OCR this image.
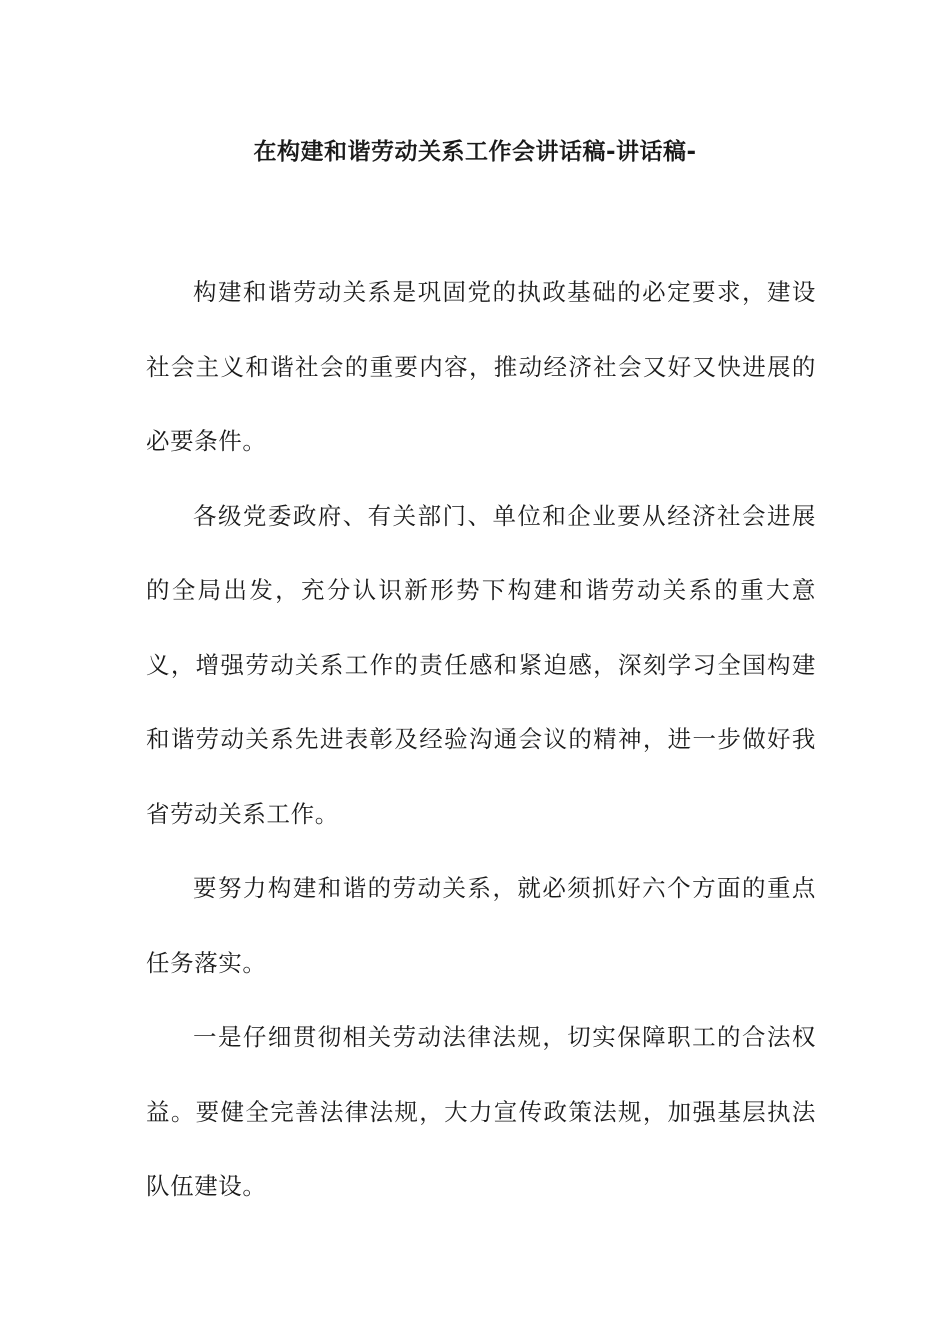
在构建和谐劳动关系工作会讲话稿-讲话稿-

构建和谐劳动关系是巩固党的执政基础的必定要求，建设社会主义和谐社会的重要内容，推动经济社会又好又快进展的必要条件。

各级党委政府、有关部门、单位和企业要从经济社会进展的全局出发，充分认识新形势下构建和谐劳动关系的重大意义，增强劳动关系工作的责任感和紧迫感，深刻学习全国构建和谐劳动关系先进表彰及经验沟通会议的精神，进一步做好我省劳动关系工作。

要努力构建和谐的劳动关系，就必须抓好六个方面的重点任务落实。

一是仔细贯彻相关劳动法律法规，切实保障职工的合法权益。要健全完善法律法规，大力宣传政策法规，加强基层执法队伍建设。
